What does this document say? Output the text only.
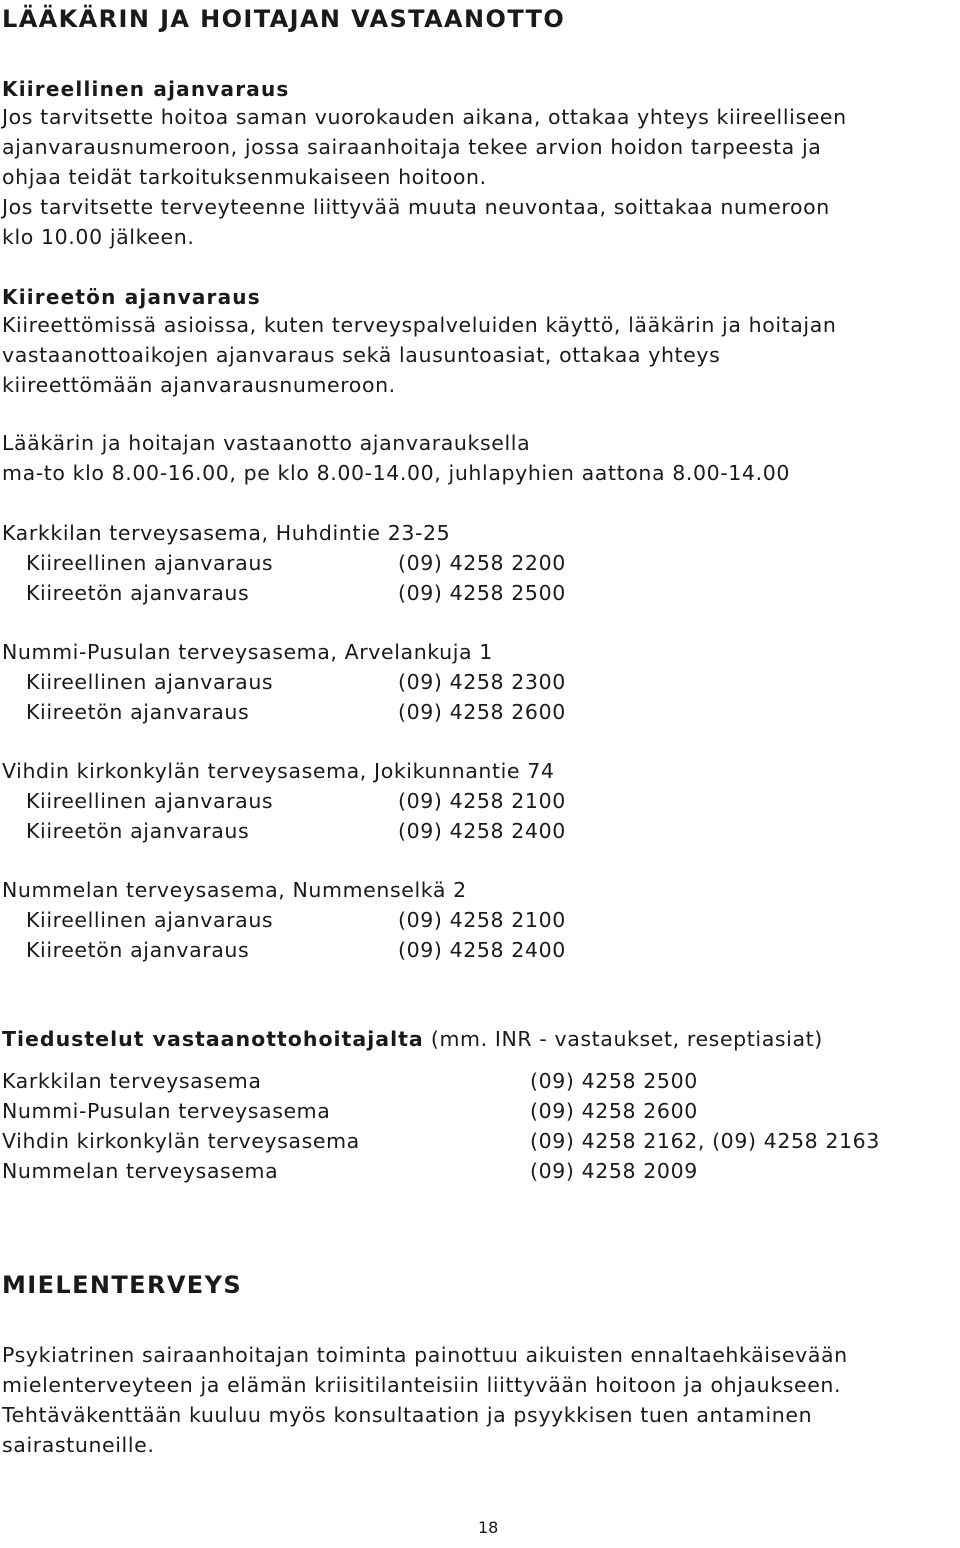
LÄÄKÄRIN JA HOITAJAN VASTAANOTTO

Kiireellinen ajanvaraus

Jos tarvitsette hoitoa saman vuorokauden aikana, ottakaa yhteys kiireelliseen

ajanvarausnumeroon, jossa sairaanhoitaja tekee arvion hoidon tarpeesta ja

ohjaa teidät tarkoituksenmukaiseen hoitoon.

Jos tarvitsette terveyteenne liittyvää muuta neuvontaa, soittakaa numeroon

klo 10.00 jälkeen.

Kiireetön ajanvaraus

Kiireettömissä asioissa, kuten terveyspalveluiden käyttö, lääkärin ja hoitajan

vastaanottoaikojen ajanvaraus sekä lausuntoasiat, ottakaa yhteys

kiireettömään ajanvarausnumeroon.

Lääkärin ja hoitajan vastaanotto ajanvarauksella

ma-to klo 8.00-16.00, pe klo 8.00-14.00, juhlapyhien aattona 8.00-14.00

Karkkilan terveysasema, Huhdintie 23-25

Kiireellinen ajanvaraus	(09) 4258 2200

Kiireetön ajanvaraus	(09) 4258 2500

Nummi-Pusulan terveysasema, Arvelankuja 1

Kiireellinen ajanvaraus	(09) 4258 2300

Kiireetön ajanvaraus	(09) 4258 2600

Vihdin kirkonkylän terveysasema, Jokikunnantie 74

Kiireellinen ajanvaraus	(09) 4258 2100

Kiireetön ajanvaraus	(09) 4258 2400

Nummelan terveysasema, Nummenselkä 2

Kiireellinen ajanvaraus	(09) 4258 2100

Kiireetön ajanvaraus	(09) 4258 2400

Tiedustelut vastaanottohoitajalta (mm. INR - vastaukset, reseptiasiat)

Karkkilan terveysasema	(09) 4258 2500

Nummi-Pusulan terveysasema	(09) 4258 2600

Vihdin kirkonkylän terveysasema	(09) 4258 2162, (09) 4258 2163

Nummelan terveysasema	(09) 4258 2009

MIELENTERVEYS

Psykiatrinen sairaanhoitajan toiminta painottuu aikuisten ennaltaehkäisevään

mielenterveyteen ja elämän kriisitilanteisiin liittyvään hoitoon ja ohjaukseen.

Tehtäväkenttään kuuluu myös konsultaation ja psyykkisen tuen antaminen

sairastuneille.

18
